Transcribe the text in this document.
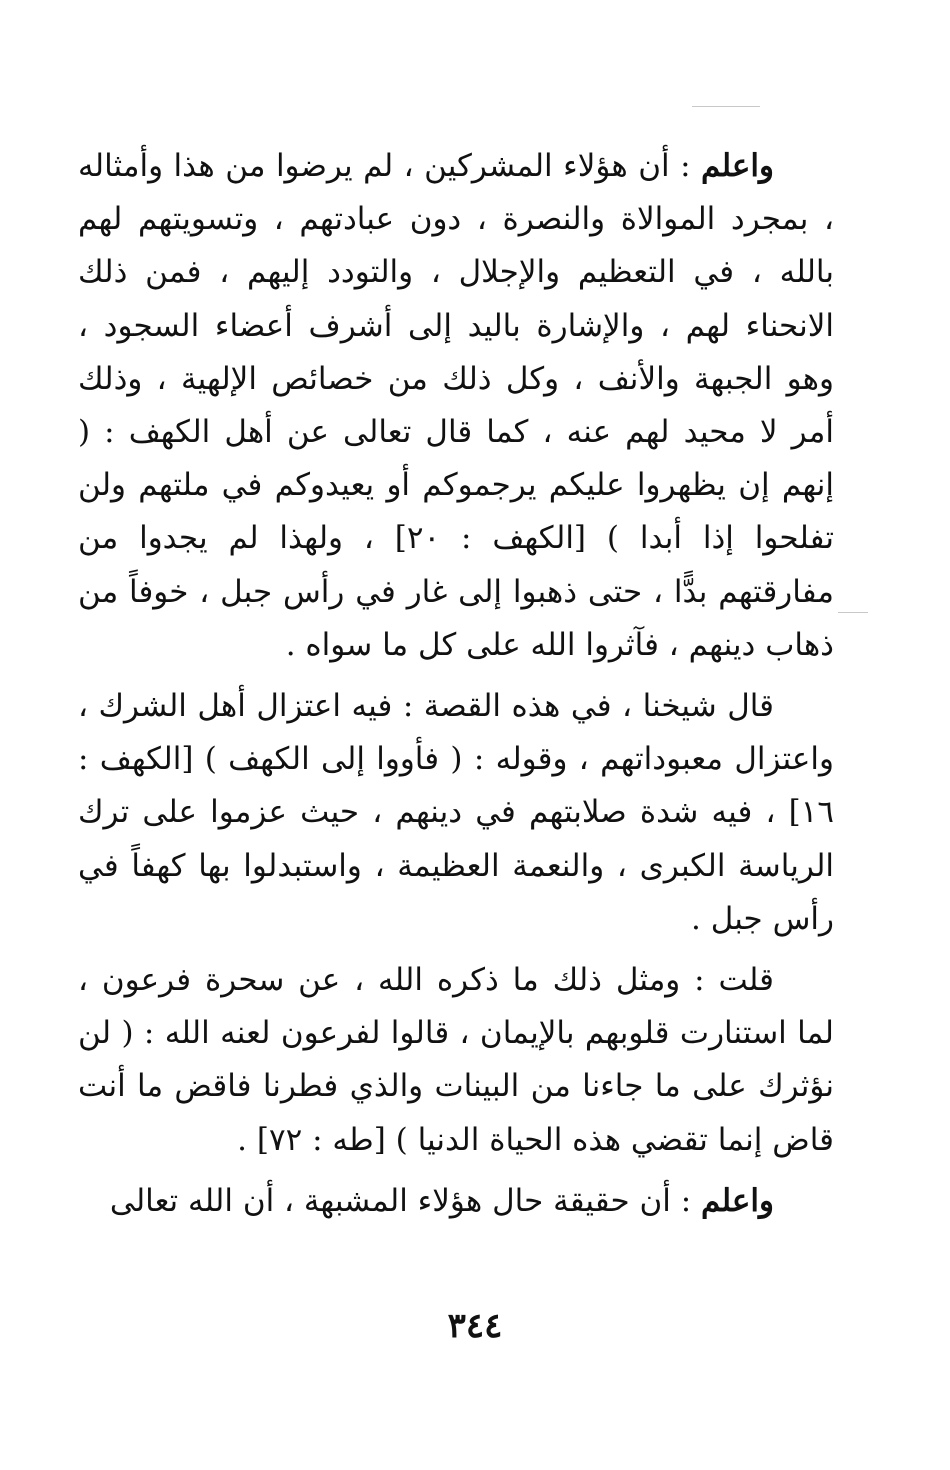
واعلم : أن هؤلاء المشركين ، لم يرضوا من هذا وأمثاله ، بمجرد الموالاة والنصرة ، دون عبادتهم ، وتسويتهم لهم بالله ، في التعظيم والإجلال ، والتودد إليهم ، فمن ذلك الانحناء لهم ، والإشارة باليد إلى أشرف أعضاء السجود ، وهو الجبهة والأنف ، وكل ذلك من خصائص الإلهية ، وذلك أمر لا محيد لهم عنه ، كما قال تعالى عن أهل الكهف : ( إنهم إن يظهروا عليكم يرجموكم أو يعيدوكم في ملتهم ولن تفلحوا إذا أبدا ) [الكهف : ٢٠] ، ولهذا لم يجدوا من مفارقتهم بدًّا ، حتى ذهبوا إلى غار في رأس جبل ، خوفاً من ذهاب دينهم ، فآثروا الله على كل ما سواه .

قال شيخنا ، في هذه القصة : فيه اعتزال أهل الشرك ، واعتزال معبوداتهم ، وقوله : ( فأووا إلى الكهف ) [الكهف : ١٦] ، فيه شدة صلابتهم في دينهم ، حيث عزموا على ترك الرياسة الكبرى ، والنعمة العظيمة ، واستبدلوا بها كهفاً في رأس جبل .

قلت : ومثل ذلك ما ذكره الله ، عن سحرة فرعون ، لما استنارت قلوبهم بالإيمان ، قالوا لفرعون لعنه الله : ( لن نؤثرك على ما جاءنا من البينات والذي فطرنا فاقض ما أنت قاض إنما تقضي هذه الحياة الدنيا ) [طه : ٧٢] .

واعلم : أن حقيقة حال هؤلاء المشبهة ، أن الله تعالى

٣٤٤
